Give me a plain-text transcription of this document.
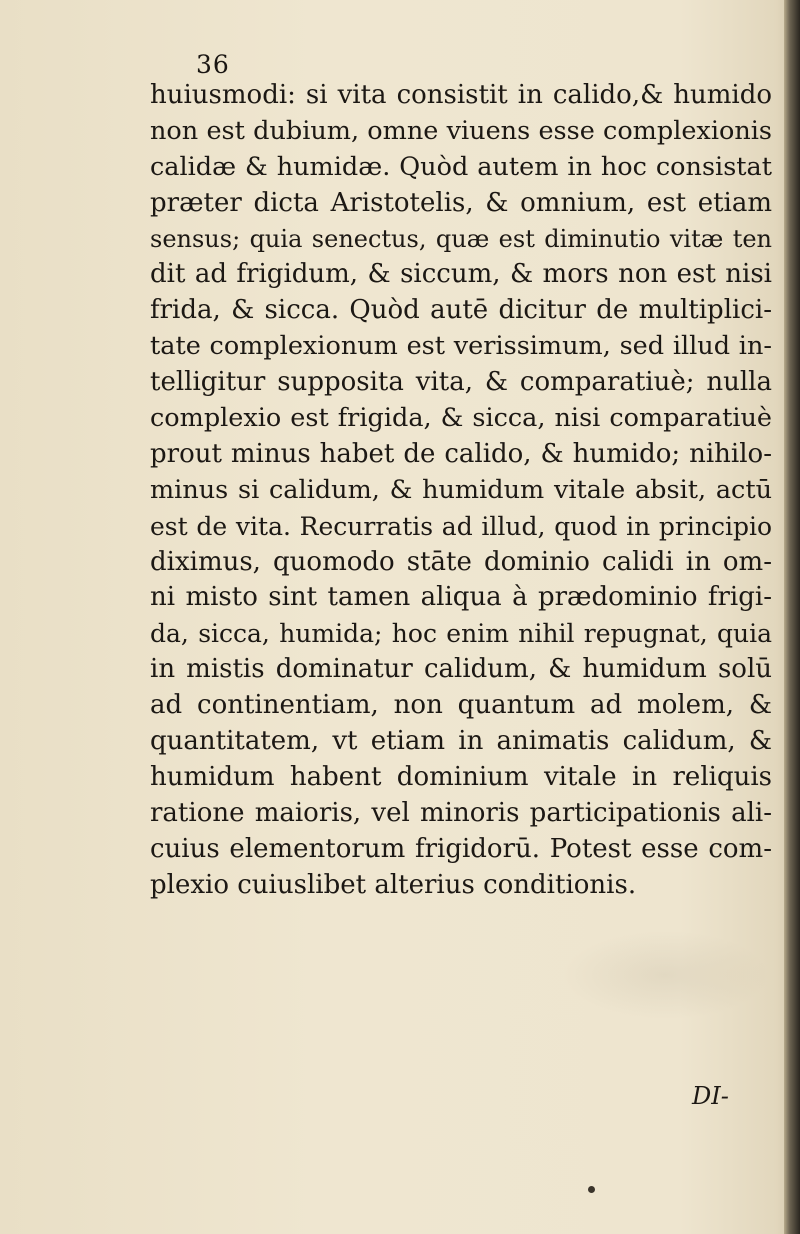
36
huiusmodi: si vita consistit in calido,& humido
non est dubium, omne viuens esse complexionis
calidæ & humidæ. Quòd autem in hoc consistat
præter dicta Aristotelis, & omnium, est etiam
sensus; quia senectus, quæ est diminutio vitæ ten
dit ad frigidum, & siccum, & mors non est nisi
frida, & sicca. Quòd autē dicitur de multiplici-
tate complexionum est verissimum, sed illud in-
telligitur supposita vita, & comparatiuè; nulla
complexio est frigida, & sicca, nisi comparatiuè
prout minus habet de calido, & humido; nihilo-
minus si calidum, & humidum vitale absit, actū
est de vita. Recurratis ad illud, quod in principio
diximus, quomodo stāte dominio calidi in om-
ni misto sint tamen aliqua à prædominio frigi-
da, sicca, humida; hoc enim nihil repugnat, quia
in mistis dominatur calidum, & humidum solū
ad continentiam, non quantum ad molem, &
quantitatem, vt etiam in animatis calidum, &
humidum habent dominium vitale in reliquis
ratione maioris, vel minoris participationis ali-
cuius elementorum frigidorū. Potest esse com-
plexio cuiuslibet alterius conditionis.
DI-
